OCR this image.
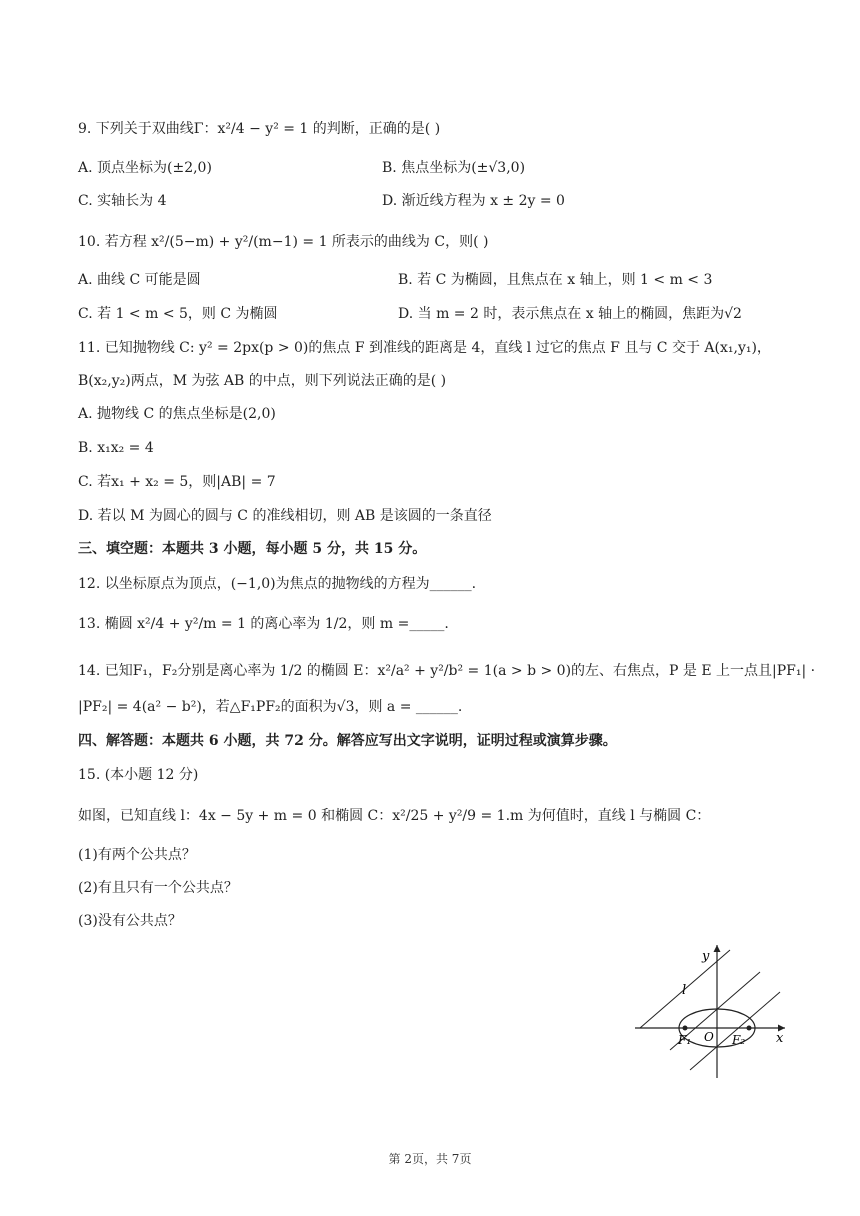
9. 下列关于双曲线Γ：x²/4 − y² = 1 的判断，正确的是( )
A. 顶点坐标为(±2,0)	B. 焦点坐标为(±√3,0)
C. 实轴长为 4	D. 渐近线方程为 x ± 2y = 0
10. 若方程 x²/(5−m) + y²/(m−1) = 1 所表示的曲线为 C，则( )
A. 曲线 C 可能是圆	B. 若 C 为椭圆，且焦点在 x 轴上，则 1 < m < 3
C. 若 1 < m < 5，则 C 为椭圆	D. 当 m = 2 时，表示焦点在 x 轴上的椭圆，焦距为√2
11. 已知抛物线 C: y² = 2px(p > 0)的焦点 F 到准线的距离是 4，直线 l 过它的焦点 F 且与 C 交于 A(x₁,y₁)，
B(x₂,y₂)两点，M 为弦 AB 的中点，则下列说法正确的是( )
A. 抛物线 C 的焦点坐标是(2,0)
B. x₁x₂ = 4
C. 若x₁ + x₂ = 5，则|AB| = 7
D. 若以 M 为圆心的圆与 C 的准线相切，则 AB 是该圆的一条直径
三、填空题：本题共 3 小题，每小题 5 分，共 15 分。
12. 以坐标原点为顶点，(−1,0)为焦点的抛物线的方程为______.
13. 椭圆 x²/4 + y²/m = 1 的离心率为 1/2，则 m =_____.
14. 已知F₁，F₂分别是离心率为 1/2 的椭圆 E：x²/a² + y²/b² = 1(a > b > 0)的左、右焦点，P 是 E 上一点且|PF₁| ·
|PF₂| = 4(a² − b²)，若△F₁PF₂的面积为√3，则 a = ______.
四、解答题：本题共 6 小题，共 72 分。解答应写出文字说明，证明过程或演算步骤。
15. (本小题 12 分)
如图，已知直线 l：4x − 5y + m = 0 和椭圆 C：x²/25 + y²/9 = 1.m 为何值时，直线 l 与椭圆 C：
(1)有两个公共点？
(2)有且只有一个公共点？
(3)没有公共点？
y
x
l
O
F₁	F₂
第 2页，共 7页
